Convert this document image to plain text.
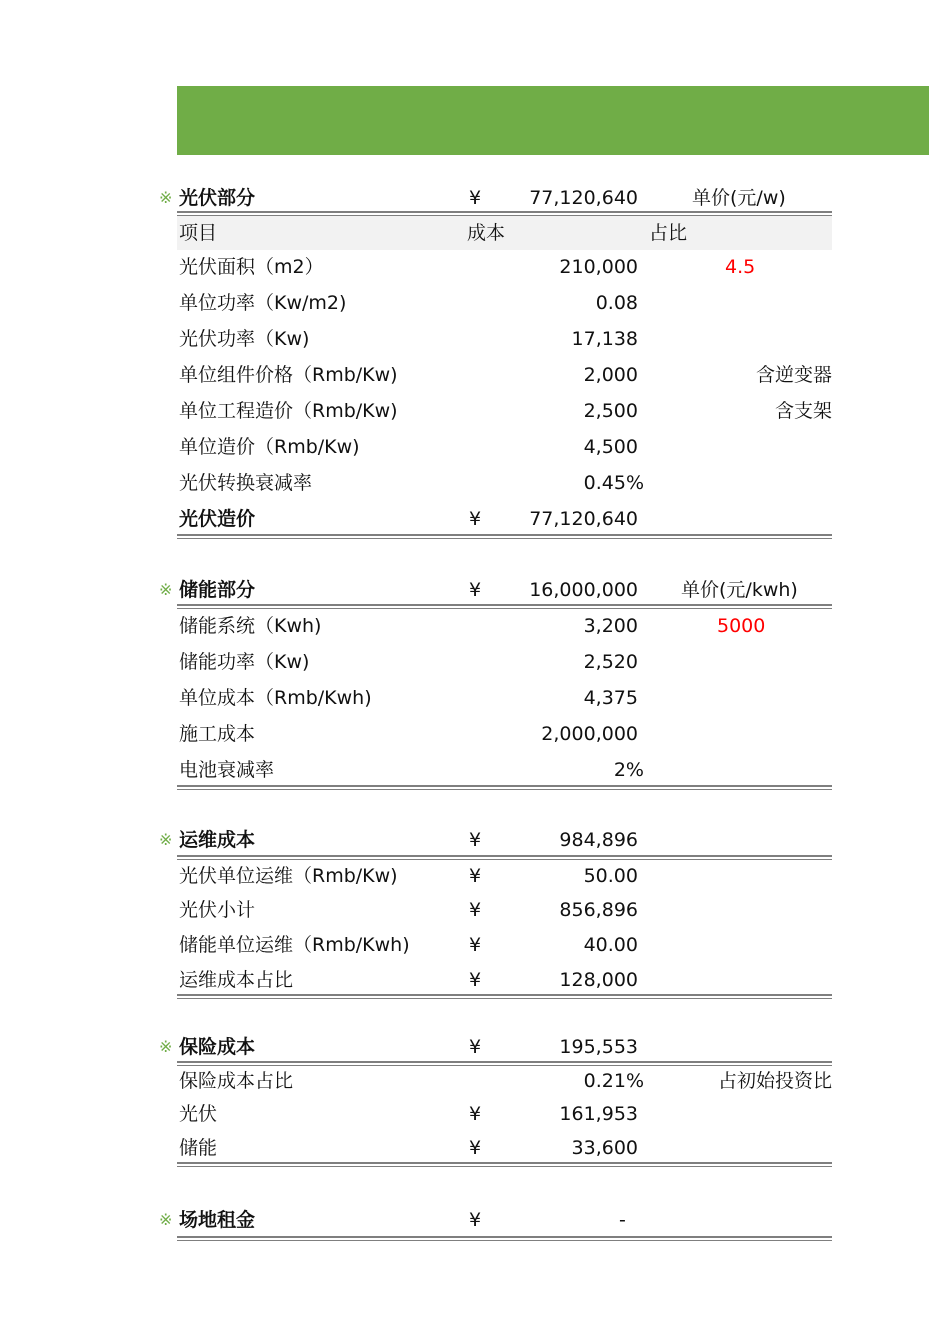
※ 光伏部分	¥	77,120,640	单价(元/w)
项目	成本	占比
光伏面积（m2）	210,000	4.5
单位功率（Kw/m2)	0.08
光伏功率（Kw)	17,138
单位组件价格（Rmb/Kw)	2,000	含逆变器
单位工程造价（Rmb/Kw)	2,500	含支架
单位造价（Rmb/Kw)	4,500
光伏转换衰减率	0.45%
光伏造价	¥	77,120,640
※ 储能部分	¥	16,000,000 单价(元/kwh)
储能系统（Kwh)	3,200	5000
储能功率（Kw)	2,520
单位成本（Rmb/Kwh)	4,375
施工成本	2,000,000
电池衰减率	2%
※ 运维成本	¥	984,896
光伏单位运维（Rmb/Kw)	¥	50.00
光伏小计	¥	856,896
储能单位运维（Rmb/Kwh)	¥	40.00
运维成本占比	¥	128,000
※ 保险成本	¥	195,553
保险成本占比	0.21%	占初始投资比
光伏	¥	161,953
储能	¥	33,600
※ 场地租金	¥	-
